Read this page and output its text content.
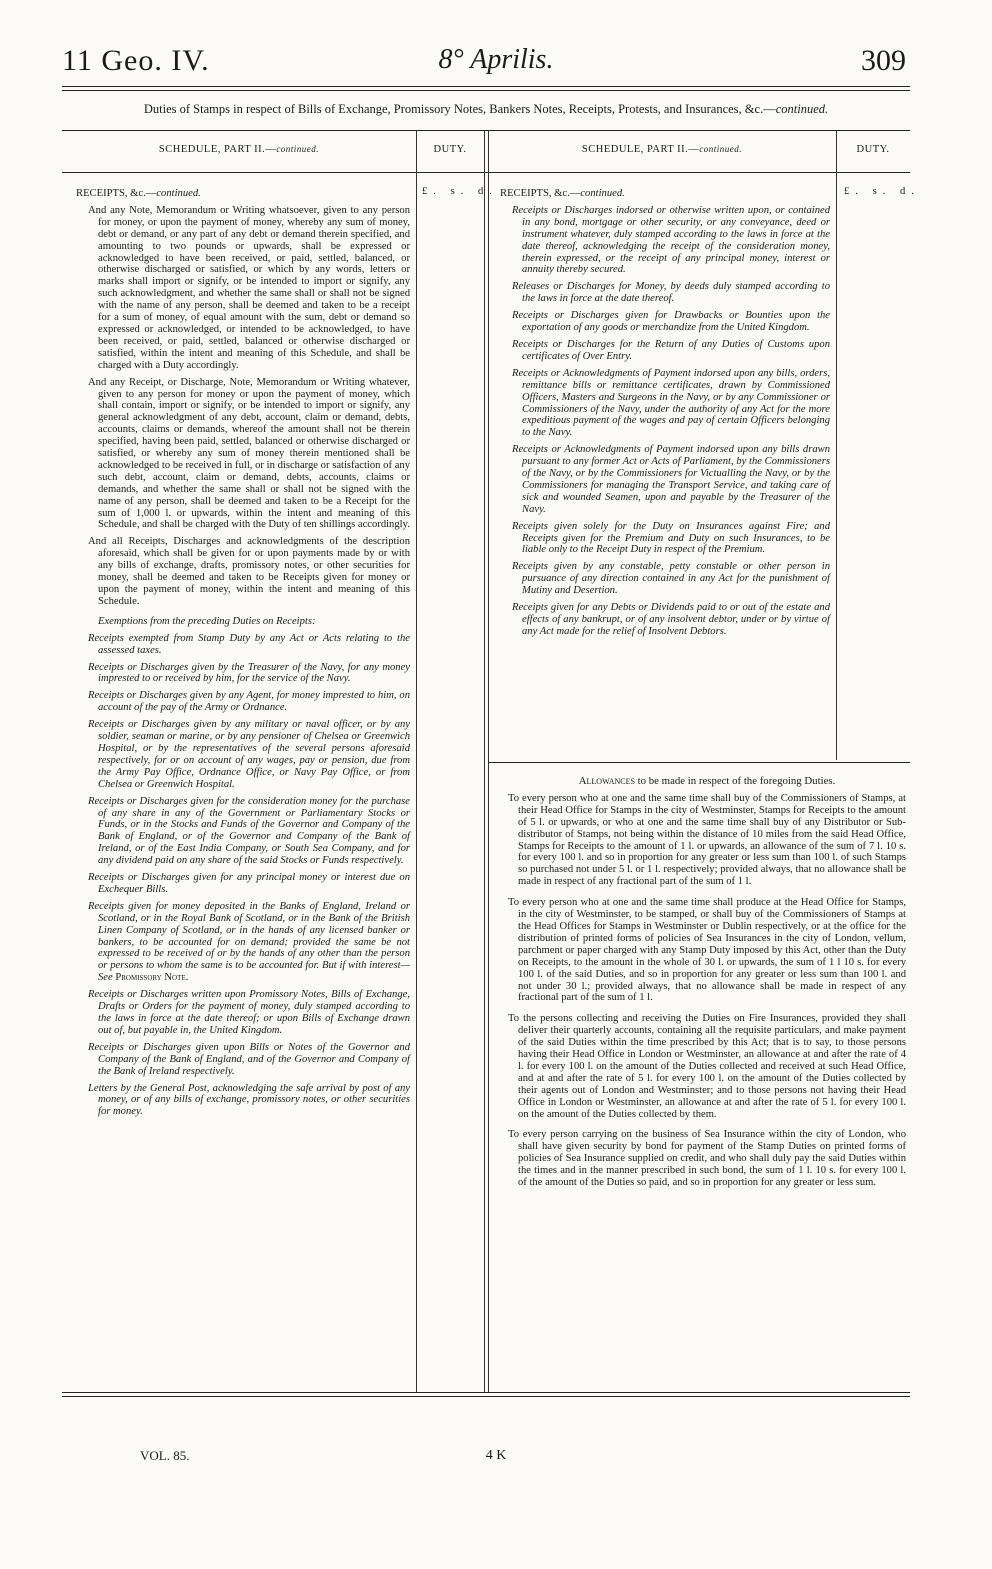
11 Geo. IV.	8° Aprilis.	309
Duties of Stamps in respect of Bills of Exchange, Promissory Notes, Bankers Notes, Receipts, Protests, and Insurances, &c.—continued.
SCHEDULE, PART II.—continued.	DUTY.	SCHEDULE, PART II.—continued.	DUTY.
£. s. d.	£. s. d.

RECEIPTS, &c.—continued.

And any Note, Memorandum or Writing whatsoever, given to any person for money, or upon the payment of money, whereby any sum of money, debt or demand, or any part of any debt or demand therein specified, and amounting to two pounds or upwards, shall be expressed or acknowledged to have been received, or paid, settled, balanced, or otherwise discharged or satisfied, or which by any words, letters or marks shall import or signify, or be intended to import or signify, any such acknowledgment, and whether the same shall or shall not be signed with the name of any person, shall be deemed and taken to be a receipt for a sum of money, of equal amount with the sum, debt or demand so expressed or acknowledged, or intended to be acknowledged, to have been received, or paid, settled, balanced or otherwise discharged or satisfied, within the intent and meaning of this Schedule, and shall be charged with a Duty accordingly.

And any Receipt, or Discharge, Note, Memorandum or Writing whatever, given to any person for money or upon the payment of money, which shall contain, import or signify, or be intended to import or signify, any general acknowledgment of any debt, account, claim or demand, debts, accounts, claims or demands, whereof the amount shall not be therein specified, having been paid, settled, balanced or otherwise discharged or satisfied, or whereby any sum of money therein mentioned shall be acknowledged to be received in full, or in discharge or satisfaction of any such debt, account, claim or demand, debts, accounts, claims or demands, and whether the same shall or shall not be signed with the name of any person, shall be deemed and taken to be a Receipt for the sum of 1,000 l. or upwards, within the intent and meaning of this Schedule, and shall be charged with the Duty of ten shillings accordingly.

And all Receipts, Discharges and acknowledgments of the description aforesaid, which shall be given for or upon payments made by or with any bills of exchange, drafts, promissory notes, or other securities for money, shall be deemed and taken to be Receipts given for money or upon the payment of money, within the intent and meaning of this Schedule.

Exemptions from the preceding Duties on Receipts:

Receipts exempted from Stamp Duty by any Act or Acts relating to the assessed taxes.

Receipts or Discharges given by the Treasurer of the Navy, for any money imprested to or received by him, for the service of the Navy.

Receipts or Discharges given by any Agent, for money imprested to him, on account of the pay of the Army or Ordnance.

Receipts or Discharges given by any military or naval officer, or by any soldier, seaman or marine, or by any pensioner of Chelsea or Greenwich Hospital, or by the representatives of the several persons aforesaid respectively, for or on account of any wages, pay or pension, due from the Army Pay Office, Ordnance Office, or Navy Pay Office, or from Chelsea or Greenwich Hospital.

Receipts or Discharges given for the consideration money for the purchase of any share in any of the Government or Parliamentary Stocks or Funds, or in the Stocks and Funds of the Governor and Company of the Bank of England, or of the Governor and Company of the Bank of Ireland, or of the East India Company, or South Sea Company, and for any dividend paid on any share of the said Stocks or Funds respectively.

Receipts or Discharges given for any principal money or interest due on Exchequer Bills.

Receipts given for money deposited in the Banks of England, Ireland or Scotland, or in the Royal Bank of Scotland, or in the Bank of the British Linen Company of Scotland, or in the hands of any licensed banker or bankers, to be accounted for on demand; provided the same be not expressed to be received of or by the hands of any other than the person or persons to whom the same is to be accounted for. But if with interest—See Promissory Note.

Receipts or Discharges written upon Promissory Notes, Bills of Exchange, Drafts or Orders for the payment of money, duly stamped according to the laws in force at the date thereof; or upon Bills of Exchange drawn out of, but payable in, the United Kingdom.

Receipts or Discharges given upon Bills or Notes of the Governor and Company of the Bank of England, and of the Governor and Company of the Bank of Ireland respectively.

Letters by the General Post, acknowledging the safe arrival by post of any money, or of any bills of exchange, promissory notes, or other securities for money.

RECEIPTS, &c.—continued.

Receipts or Discharges indorsed or otherwise written upon, or contained in any bond, mortgage or other security, or any conveyance, deed or instrument whatever, duly stamped according to the laws in force at the date thereof, acknowledging the receipt of the consideration money, therein expressed, or the receipt of any principal money, interest or annuity thereby secured.

Releases or Discharges for Money, by deeds duly stamped according to the laws in force at the date thereof.

Receipts or Discharges given for Drawbacks or Bounties upon the exportation of any goods or merchandize from the United Kingdom.

Receipts or Discharges for the Return of any Duties of Customs upon certificates of Over Entry.

Receipts or Acknowledgments of Payment indorsed upon any bills, orders, remittance bills or remittance certificates, drawn by Commissioned Officers, Masters and Surgeons in the Navy, or by any Commissioner or Commissioners of the Navy, under the authority of any Act for the more expeditious payment of the wages and pay of certain Officers belonging to the Navy.

Receipts or Acknowledgments of Payment indorsed upon any bills drawn pursuant to any former Act or Acts of Parliament, by the Commissioners of the Navy, or by the Commissioners for Victualling the Navy, or by the Commissioners for managing the Transport Service, and taking care of sick and wounded Seamen, upon and payable by the Treasurer of the Navy.

Receipts given solely for the Duty on Insurances against Fire; and Receipts given for the Premium and Duty on such Insurances, to be liable only to the Receipt Duty in respect of the Premium.

Receipts given by any constable, petty constable or other person in pursuance of any direction contained in any Act for the punishment of Mutiny and Desertion.

Receipts given for any Debts or Dividends paid to or out of the estate and effects of any bankrupt, or of any insolvent debtor, under or by virtue of any Act made for the relief of Insolvent Debtors.

Allowances to be made in respect of the foregoing Duties.

To every person who at one and the same time shall buy of the Commissioners of Stamps, at their Head Office for Stamps in the city of Westminster, Stamps for Receipts to the amount of 5 l. or upwards, or who at one and the same time shall buy of any Distributor or Sub-distributor of Stamps, not being within the distance of 10 miles from the said Head Office, Stamps for Receipts to the amount of 1 l. or upwards, an allowance of the sum of 7 l. 10 s. for every 100 l. and so in proportion for any greater or less sum than 100 l. of such Stamps so purchased not under 5 l. or 1 l. respectively; provided always, that no allowance shall be made in respect of any fractional part of the sum of 1 l.

To every person who at one and the same time shall produce at the Head Office for Stamps, in the city of Westminster, to be stamped, or shall buy of the Commissioners of Stamps at the Head Offices for Stamps in Westminster or Dublin respectively, or at the office for the distribution of printed forms of policies of Sea Insurances in the city of London, vellum, parchment or paper charged with any Stamp Duty imposed by this Act, other than the Duty on Receipts, to the amount in the whole of 30 l. or upwards, the sum of 1 l 10 s. for every 100 l. of the said Duties, and so in proportion for any greater or less sum than 100 l. and not under 30 l.; provided always, that no allowance shall be made in respect of any fractional part of the sum of 1 l.

To the persons collecting and receiving the Duties on Fire Insurances, provided they shall deliver their quarterly accounts, containing all the requisite particulars, and make payment of the said Duties within the time prescribed by this Act; that is to say, to those persons having their Head Office in London or Westminster, an allowance at and after the rate of 4 l. for every 100 l. on the amount of the Duties collected and received at such Head Office, and at and after the rate of 5 l. for every 100 l. on the amount of the Duties collected by their agents out of London and Westminster; and to those persons not having their Head Office in London or Westminster, an allowance at and after the rate of 5 l. for every 100 l. on the amount of the Duties collected by them.

To every person carrying on the business of Sea Insurance within the city of London, who shall have given security by bond for payment of the Stamp Duties on printed forms of policies of Sea Insurance supplied on credit, and who shall duly pay the said Duties within the times and in the manner prescribed in such bond, the sum of 1 l. 10 s. for every 100 l. of the amount of the Duties so paid, and so in proportion for any greater or less sum.

VOL. 85.	4 K
